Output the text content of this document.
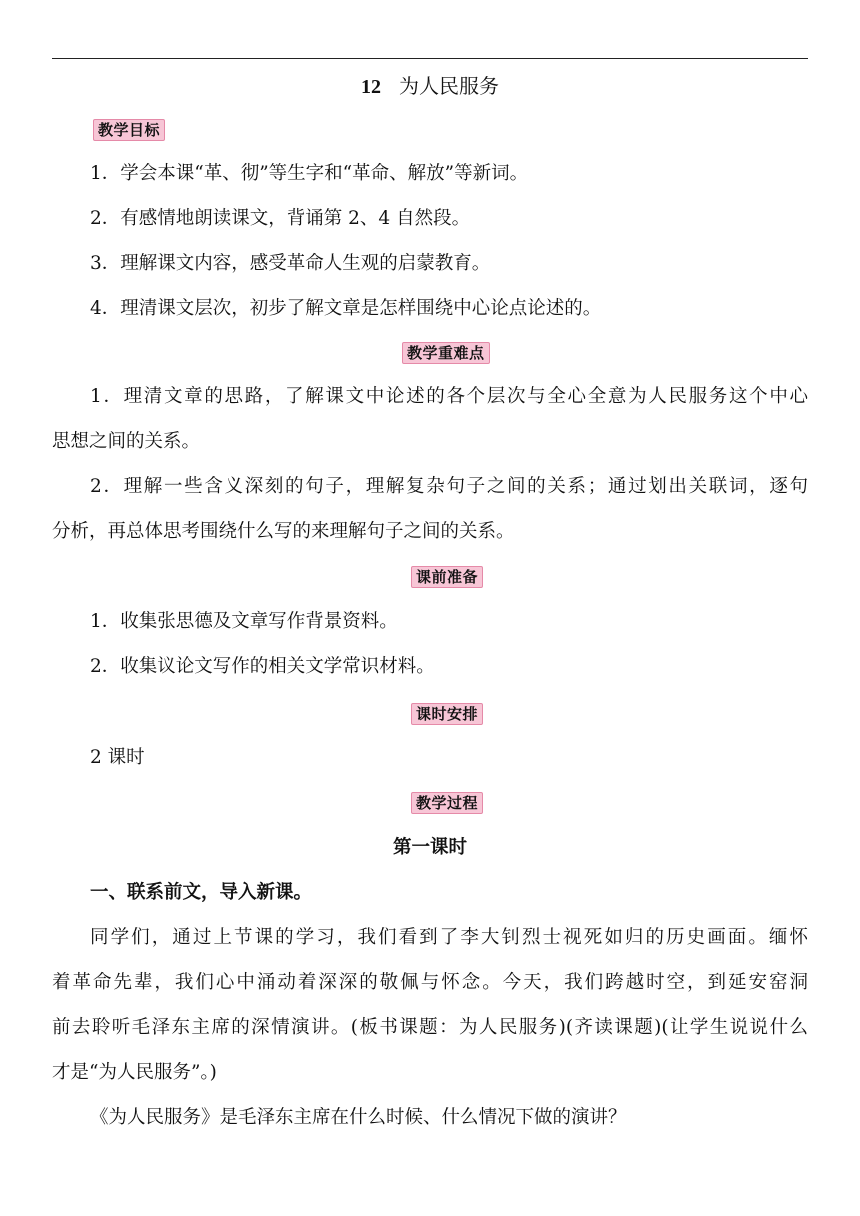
12 为人民服务
教学目标
1．学会本课“革、彻”等生字和“革命、解放”等新词。
2．有感情地朗读课文，背诵第 2、4 自然段。
3．理解课文内容，感受革命人生观的启蒙教育。
4．理清课文层次，初步了解文章是怎样围绕中心论点论述的。
教学重难点
1．理清文章的思路，了解课文中论述的各个层次与全心全意为人民服务这个中心
思想之间的关系。
2．理解一些含义深刻的句子，理解复杂句子之间的关系；通过划出关联词，逐句
分析，再总体思考围绕什么写的来理解句子之间的关系。
课前准备
1．收集张思德及文章写作背景资料。
2．收集议论文写作的相关文学常识材料。
课时安排
2 课时
教学过程
第一课时
一、联系前文，导入新课。
同学们，通过上节课的学习，我们看到了李大钊烈士视死如归的历史画面。缅怀
着革命先辈，我们心中涌动着深深的敬佩与怀念。今天，我们跨越时空，到延安窑洞
前去聆听毛泽东主席的深情演讲。(板书课题：为人民服务)(齐读课题)(让学生说说什么
才是“为人民服务”。)
《为人民服务》是毛泽东主席在什么时候、什么情况下做的演讲？
